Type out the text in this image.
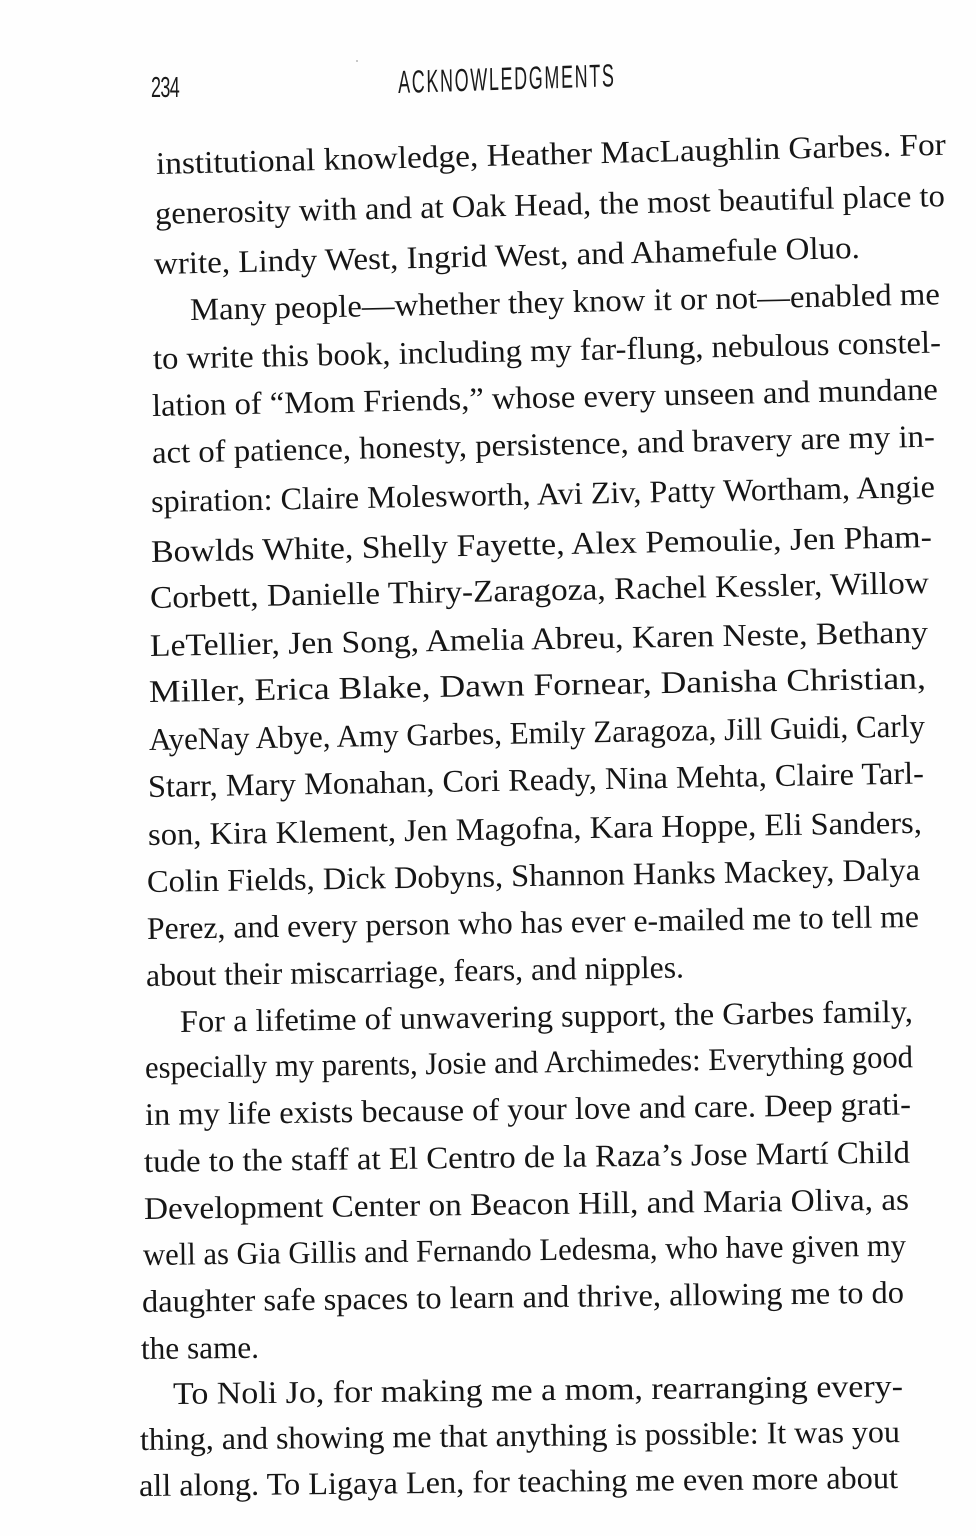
234	ACKNOWLEDGMENTS
institutional knowledge, Heather MacLaughlin Garbes. For
generosity with and at Oak Head, the most beautiful place to
write, Lindy West, Ingrid West, and Ahamefule Oluo.
Many people—whether they know it or not—enabled me
to write this book, including my far-flung, nebulous constel-
lation of “Mom Friends,” whose every unseen and mundane
act of patience, honesty, persistence, and bravery are my in-
spiration: Claire Molesworth, Avi Ziv, Patty Wortham, Angie
Bowlds White, Shelly Fayette, Alex Pemoulie, Jen Pham-
Corbett, Danielle Thiry-Zaragoza, Rachel Kessler, Willow
LeTellier, Jen Song, Amelia Abreu, Karen Neste, Bethany
Miller, Erica Blake, Dawn Fornear, Danisha Christian,
AyeNay Abye, Amy Garbes, Emily Zaragoza, Jill Guidi, Carly
Starr, Mary Monahan, Cori Ready, Nina Mehta, Claire Tarl-
son, Kira Klement, Jen Magofna, Kara Hoppe, Eli Sanders,
Colin Fields, Dick Dobyns, Shannon Hanks Mackey, Dalya
Perez, and every person who has ever e-mailed me to tell me
about their miscarriage, fears, and nipples.
For a lifetime of unwavering support, the Garbes family,
especially my parents, Josie and Archimedes: Everything good
in my life exists because of your love and care. Deep grati-
tude to the staff at El Centro de la Raza’s Jose Martí Child
Development Center on Beacon Hill, and Maria Oliva, as
well as Gia Gillis and Fernando Ledesma, who have given my
daughter safe spaces to learn and thrive, allowing me to do
the same.
To Noli Jo, for making me a mom, rearranging every-
thing, and showing me that anything is possible: It was you
all along. To Ligaya Len, for teaching me even more about
